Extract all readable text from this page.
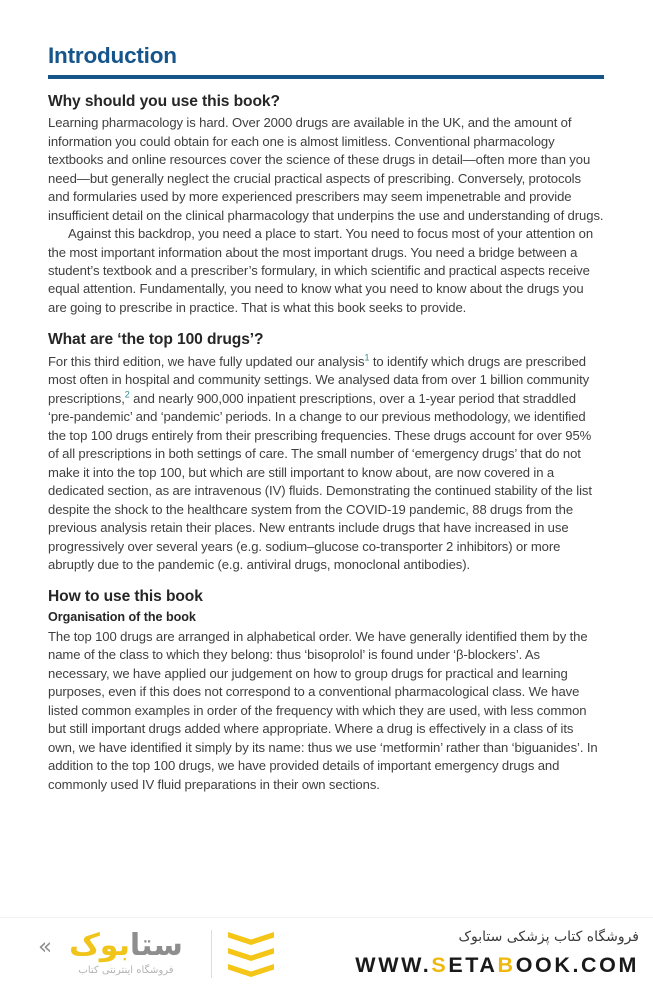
Introduction
Why should you use this book?

Learning pharmacology is hard. Over 2000 drugs are available in the UK, and the amount of information you could obtain for each one is almost limitless. Conventional pharmacology textbooks and online resources cover the science of these drugs in detail—often more than you need—but generally neglect the crucial practical aspects of prescribing. Conversely, protocols and formularies used by more experienced prescribers may seem impenetrable and provide insufficient detail on the clinical pharmacology that underpins the use and understanding of drugs.

Against this backdrop, you need a place to start. You need to focus most of your attention on the most important information about the most important drugs. You need a bridge between a student’s textbook and a prescriber’s formulary, in which scientific and practical aspects receive equal attention. Fundamentally, you need to know what you need to know about the drugs you are going to prescribe in practice. That is what this book seeks to provide.

What are ‘the top 100 drugs’?

For this third edition, we have fully updated our analysis$^1$ to identify which drugs are prescribed most often in hospital and community settings. We analysed data from over 1 billion community prescriptions,$^2$ and nearly 900,000 inpatient prescriptions, over a 1-year period that straddled ‘pre-pandemic’ and ‘pandemic’ periods. In a change to our previous methodology, we identified the top 100 drugs entirely from their prescribing frequencies. These drugs account for over 95% of all prescriptions in both settings of care. The small number of ‘emergency drugs’ that do not make it into the top 100, but which are still important to know about, are now covered in a dedicated section, as are intravenous (IV) fluids. Demonstrating the continued stability of the list despite the shock to the healthcare system from the COVID-19 pandemic, 88 drugs from the previous analysis retain their places. New entrants include drugs that have increased in use progressively over several years (e.g. sodium–glucose co-transporter 2 inhibitors) or more abruptly due to the pandemic (e.g. antiviral drugs, monoclonal antibodies).

How to use this book
Organisation of the book

The top 100 drugs are arranged in alphabetical order. We have generally identified them by the name of the class to which they belong: thus ‘bisoprolol’ is found under ‘β-blockers’. As necessary, we have applied our judgement on how to group drugs for practical and learning purposes, even if this does not correspond to a conventional pharmacological class. We have listed common examples in order of the frequency with which they are used, with less common but still important drugs added where appropriate. Where a drug is effectively in a class of its own, we have identified it simply by its name: thus we use ‘metformin’ rather than ‘biguanides’. In addition to the top 100 drugs, we have provided details of important emergency drugs and commonly used IV fluid preparations in their own sections.

«	ستابوک
فروشگاه اینترنتی کتاب
فروشگاه کتاب پزشکی ستابوک
WWW.SETABOOK.COM
